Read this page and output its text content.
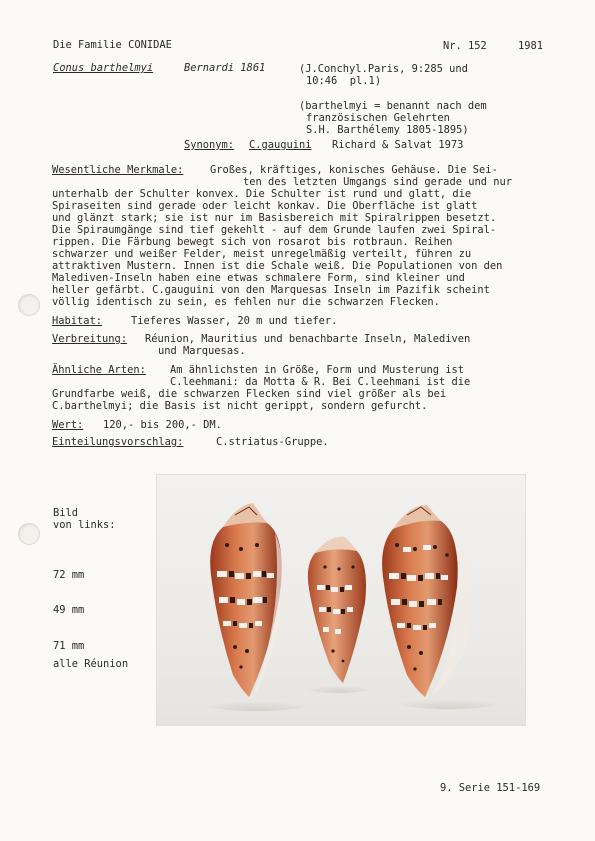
Die Familie CONIDAE	Nr. 152	1981
Conus barthelmyi	Bernardi 1861	(J.Conchyl.Paris, 9:285 und
10:46  pl.1)
(barthelmyi = benannt nach dem
französischen Gelehrten
S.H. Barthélemy 1805-1895)
Synonym: C.gauguini Richard & Salvat 1973
Wesentliche Merkmale:	Großes, kräftiges, konisches Gehäuse. Die Sei-
ten des letzten Umgangs sind gerade und nur
unterhalb der Schulter konvex. Die Schulter ist rund und glatt, die
Spiraseiten sind gerade oder leicht konkav. Die Oberfläche ist glatt
und glänzt stark; sie ist nur im Basisbereich mit Spiralrippen besetzt.
Die Spiraumgänge sind tief gekehlt - auf dem Grunde laufen zwei Spiral-
rippen. Die Färbung bewegt sich von rosarot bis rotbraun. Reihen
schwarzer und weißer Felder, meist unregelmäßig verteilt, führen zu
attraktiven Mustern. Innen ist die Schale weiß. Die Populationen von den
Malediven-Inseln haben eine etwas schmalere Form, sind kleiner und
heller gefärbt. C.gauguini von den Marquesas Inseln im Pazifik scheint
völlig identisch zu sein, es fehlen nur die schwarzen Flecken.
Habitat:	Tieferes Wasser, 20 m und tiefer.
Verbreitung: Réunion, Mauritius und benachbarte Inseln, Malediven
und Marquesas.
Ähnliche Arten: Am ähnlichsten in Größe, Form und Musterung ist
C.leehmani: da Motta & R. Bei C.leehmani ist die
Grundfarbe weiß, die schwarzen Flecken sind viel größer als bei
C.barthelmyi; die Basis ist nicht gerippt, sondern gefurcht.
Wert: 120,- bis 200,- DM.
Einteilungsvorschlag:	C.striatus-Gruppe.
Bild
von links:
72 mm
49 mm
71 mm
alle Réunion
9. Serie 151-169
